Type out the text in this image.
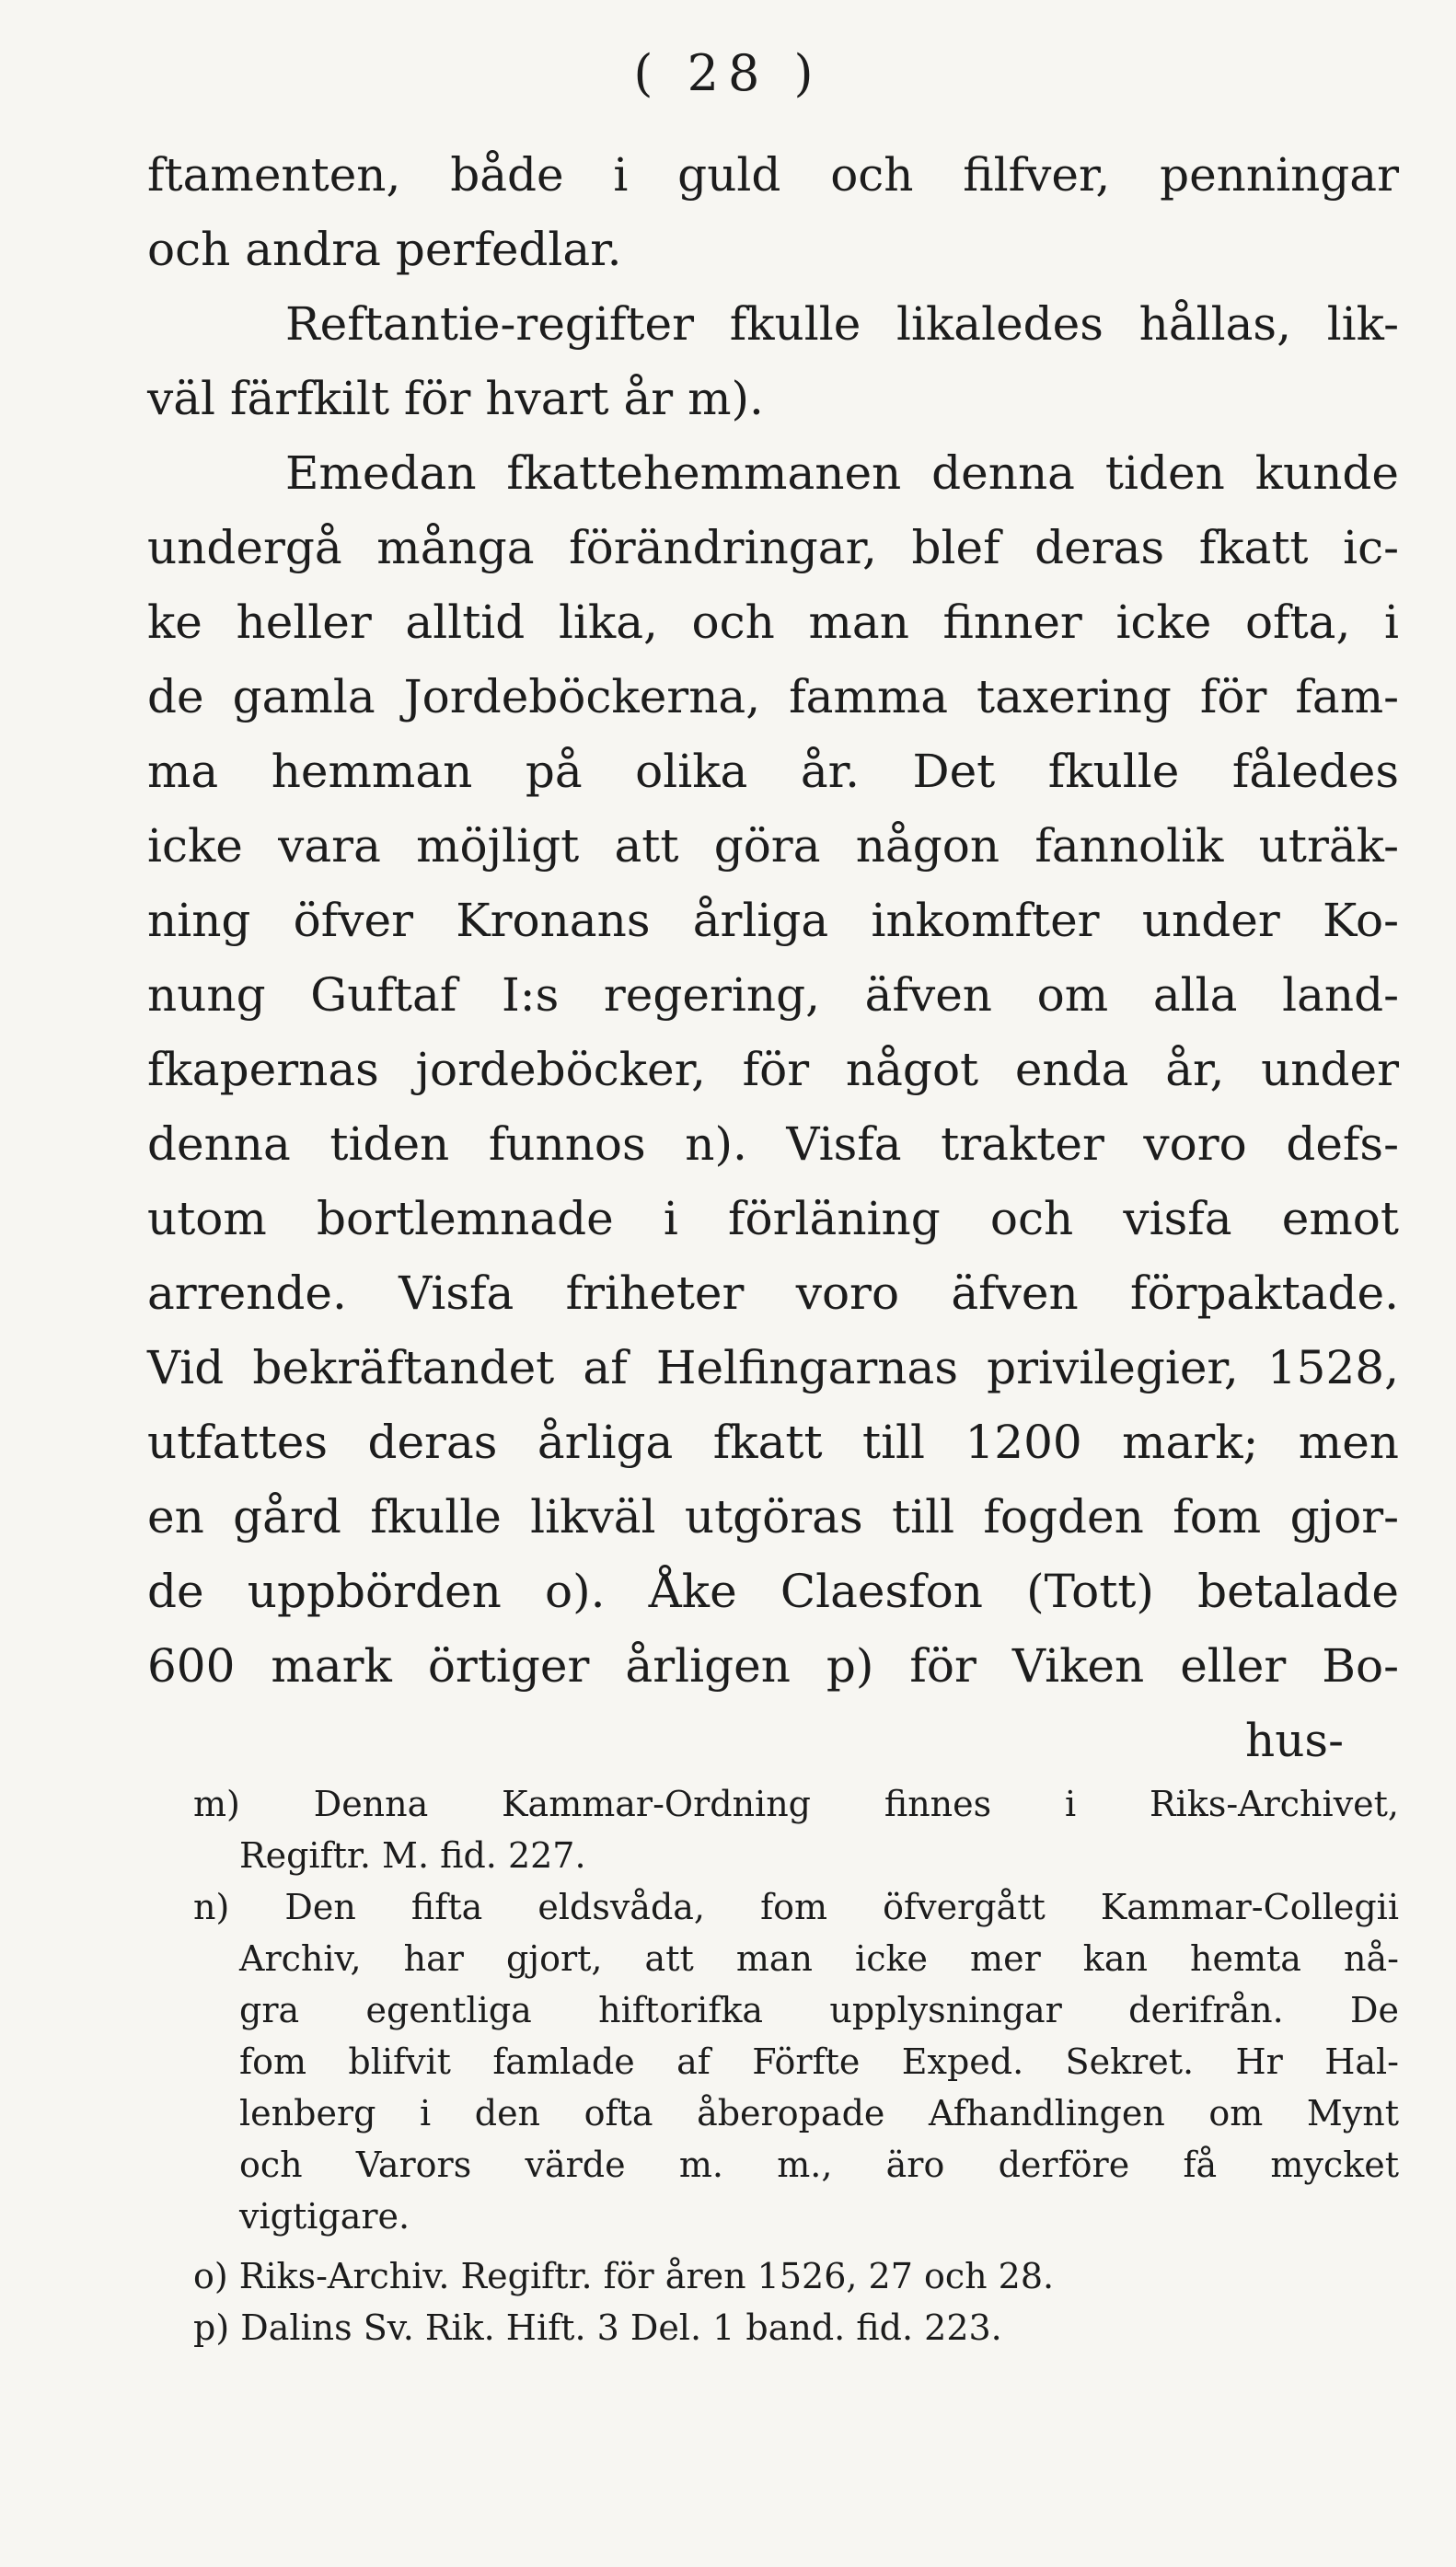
( 28 )
ftamenten, både i guld och filfver, penningar
och andra perfedlar.
Reftantie-regifter fkulle likaledes hållas, lik-
väl färfkilt för hvart år m).
Emedan fkattehemmanen denna tiden kunde
undergå många förändringar, blef deras fkatt ic-
ke heller alltid lika, och man finner icke ofta, i
de gamla Jordeböckerna, famma taxering för fam-
ma hemman på olika år. Det fkulle fåledes
icke vara möjligt att göra någon fannolik uträk-
ning öfver Kronans årliga inkomfter under Ko-
nung Guftaf I:s regering, äfven om alla land-
fkapernas jordeböcker, för något enda år, under
denna tiden funnos n). Visfa trakter voro defs-
utom bortlemnade i förläning och visfa emot
arrende. Visfa friheter voro äfven förpaktade.
Vid bekräftandet af Helfingarnas privilegier, 1528,
utfattes deras årliga fkatt till 1200 mark; men
en gård fkulle likväl utgöras till fogden fom gjor-
de uppbörden o). Åke Claesfon (Tott) betalade
600 mark örtiger årligen p) för Viken eller Bo-
hus-
m) Denna Kammar-Ordning finnes i Riks-Archivet,
Regiftr. M. fid. 227.
n) Den fifta eldsvåda, fom öfvergått Kammar-Collegii
Archiv, har gjort, att man icke mer kan hemta nå-
gra egentliga hiftorifka upplysningar derifrån. De
fom blifvit famlade af Förfte Exped. Sekret. Hr Hal-
lenberg i den ofta åberopade Afhandlingen om Mynt
och Varors värde m. m., äro derföre få mycket
vigtigare.
o) Riks-Archiv. Regiftr. för åren 1526, 27 och 28.
p) Dalins Sv. Rik. Hift. 3 Del. 1 band. fid. 223.
